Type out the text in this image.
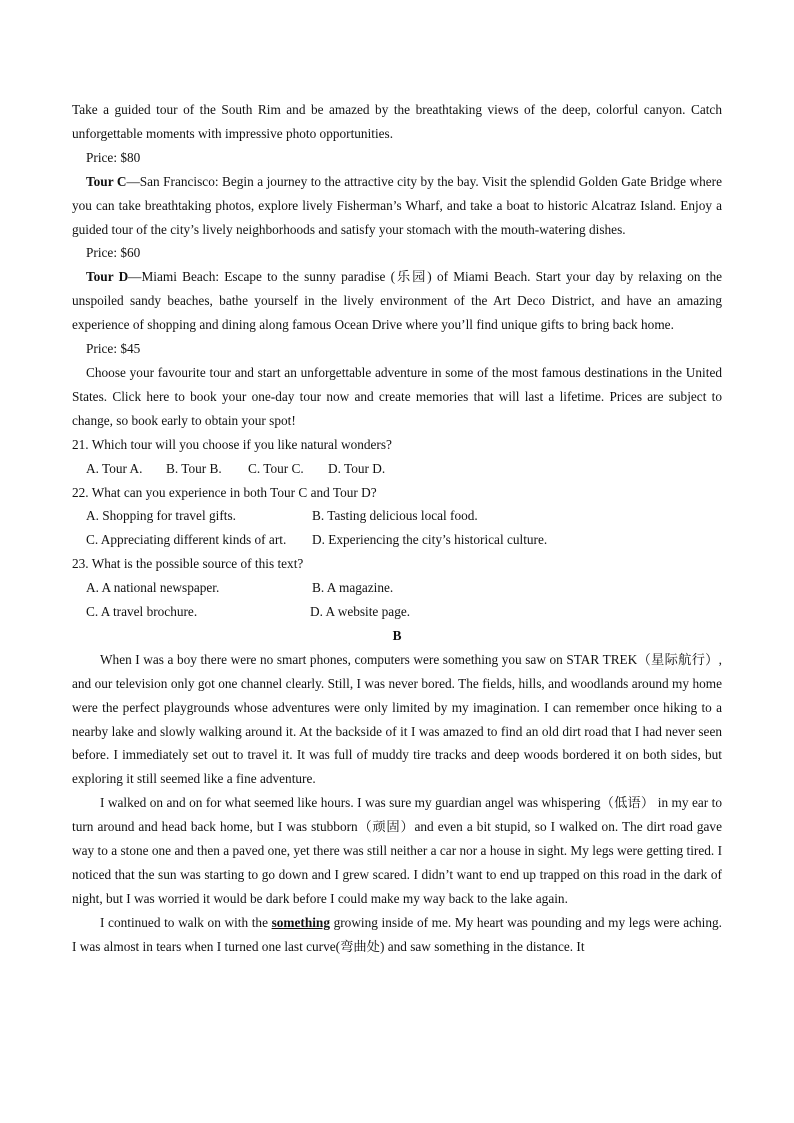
Take a guided tour of the South Rim and be amazed by the breathtaking views of the deep, colorful canyon. Catch unforgettable moments with impressive photo opportunities.

Price: $80

Tour C—San Francisco: Begin a journey to the attractive city by the bay. Visit the splendid Golden Gate Bridge where you can take breathtaking photos, explore lively Fisherman’s Wharf, and take a boat to historic Alcatraz Island. Enjoy a guided tour of the city’s lively neighborhoods and satisfy your stomach with the mouth-watering dishes.

Price: $60

Tour D—Miami Beach: Escape to the sunny paradise (乐园) of Miami Beach. Start your day by relaxing on the unspoiled sandy beaches, bathe yourself in the lively environment of the Art Deco District, and have an amazing experience of shopping and dining along famous Ocean Drive where you’ll find unique gifts to bring back home.

Price: $45

Choose your favourite tour and start an unforgettable adventure in some of the most famous destinations in the United States. Click here to book your one-day tour now and create memories that will last a lifetime. Prices are subject to change, so book early to obtain your spot!

21. Which tour will you choose if you like natural wonders?

A. Tour A. B. Tour B. C. Tour C. D. Tour D.

22. What can you experience in both Tour C and Tour D?

A. Shopping for travel gifts.	B. Tasting delicious local food.

C. Appreciating different kinds of art. D. Experiencing the city’s historical culture.

23. What is the possible source of this text?

A. A national newspaper.	B. A magazine.

C. A travel brochure.	D. A website page.

B

When I was a boy there were no smart phones, computers were something you saw on STAR TREK（星际航行）, and our television only got one channel clearly. Still, I was never bored. The fields, hills, and woodlands around my home were the perfect playgrounds whose adventures were only limited by my imagination. I can remember once hiking to a nearby lake and slowly walking around it. At the backside of it I was amazed to find an old dirt road that I had never seen before. I immediately set out to travel it. It was full of muddy tire tracks and deep woods bordered it on both sides, but exploring it still seemed like a fine adventure.

I walked on and on for what seemed like hours. I was sure my guardian angel was whispering（低语） in my ear to turn around and head back home, but I was stubborn（顽固）and even a bit stupid, so I walked on. The dirt road gave way to a stone one and then a paved one, yet there was still neither a car nor a house in sight. My legs were getting tired. I noticed that the sun was starting to go down and I grew scared. I didn’t want to end up trapped on this road in the dark of night, but I was worried it would be dark before I could make my way back to the lake again.

I continued to walk on with the something growing inside of me. My heart was pounding and my legs were aching. I was almost in tears when I turned one last curve(弯曲处) and saw something in the distance. It
